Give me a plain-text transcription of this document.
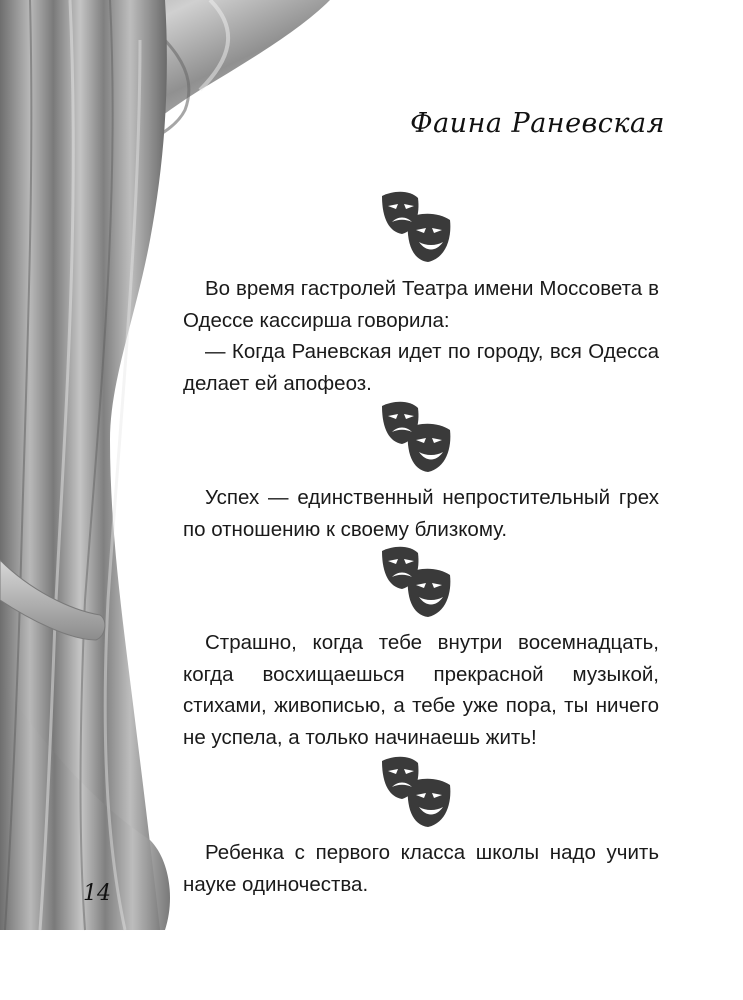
Фаина Раневская

Во время гастролей Театра имени Моссовета в Одессе кассирша говорила:

— Когда Раневская идет по городу, вся Одесса делает ей апофеоз.

Успех — единственный непростительный грех по отношению к своему близкому.

Страшно, когда тебе внутри восемнадцать, когда восхищаешься прекрасной музыкой, стихами, живописью, а тебе уже пора, ты ничего не успела, а только начинаешь жить!

Ребенка с первого класса школы надо учить науке одиночества.

14
